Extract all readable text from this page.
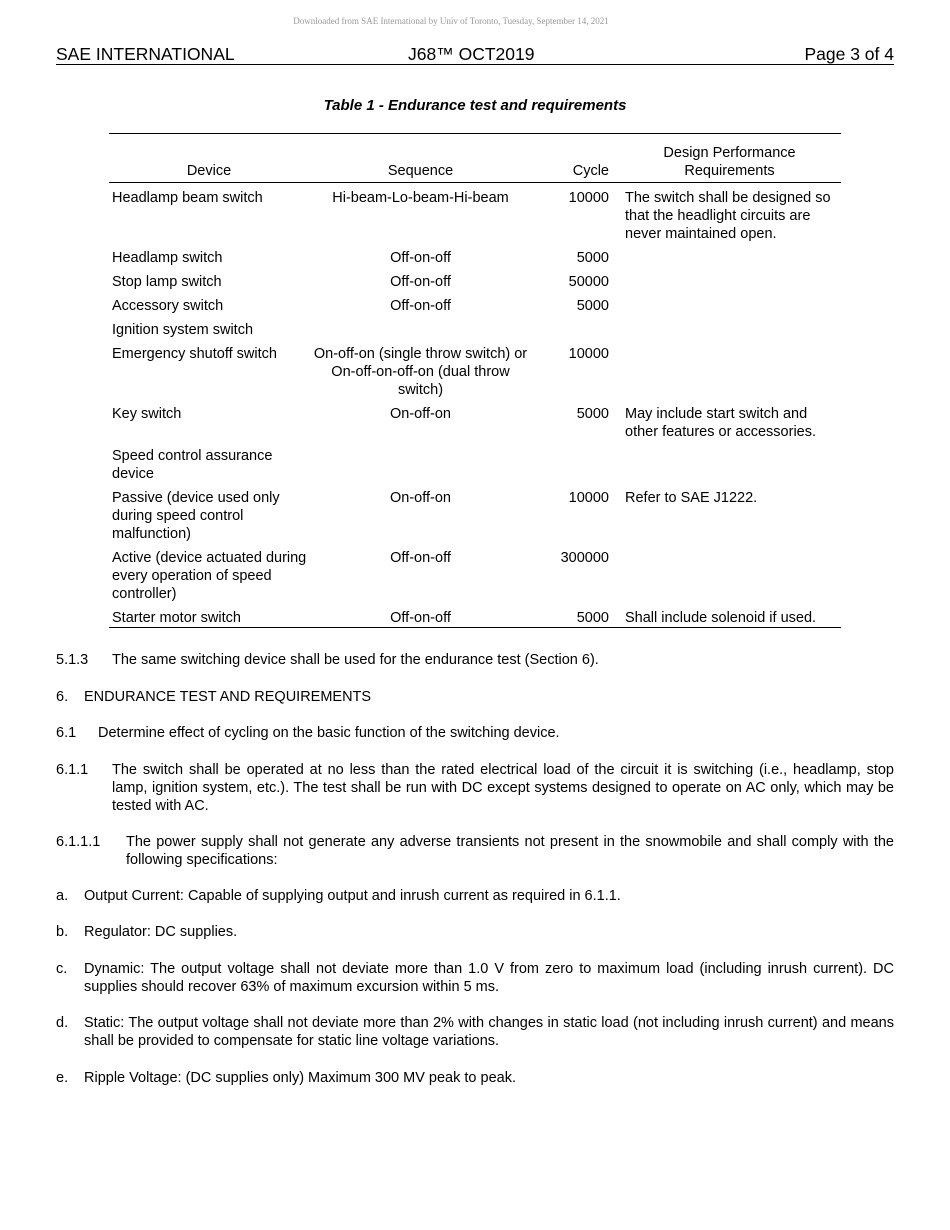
Downloaded from SAE International by Univ of Toronto, Tuesday, September 14, 2021
SAE INTERNATIONAL	J68™ OCT2019	Page 3 of 4
Table 1 - Endurance test and requirements
Device	Sequence	Cycle	Design Performance Requirements
Headlamp beam switch	Hi-beam-Lo-beam-Hi-beam	10000	The switch shall be designed so that the headlight circuits are never maintained open.
Headlamp switch	Off-on-off	5000	
Stop lamp switch	Off-on-off	50000	
Accessory switch	Off-on-off	5000	
Ignition system switch			
Emergency shutoff switch	On-off-on (single throw switch) or On-off-on-off-on (dual throw switch)	10000	
Key switch	On-off-on	5000	May include start switch and other features or accessories.
Speed control assurance device			
Passive (device used only during speed control malfunction)	On-off-on	10000	Refer to SAE J1222.
Active (device actuated during every operation of speed controller)	Off-on-off	300000	
Starter motor switch	Off-on-off	5000	Shall include solenoid if used.
5.1.3 The same switching device shall be used for the endurance test (Section 6).
6. ENDURANCE TEST AND REQUIREMENTS
6.1 Determine effect of cycling on the basic function of the switching device.
6.1.1 The switch shall be operated at no less than the rated electrical load of the circuit it is switching (i.e., headlamp, stop lamp, ignition system, etc.). The test shall be run with DC except systems designed to operate on AC only, which may be tested with AC.
6.1.1.1 The power supply shall not generate any adverse transients not present in the snowmobile and shall comply with the following specifications:
a. Output Current: Capable of supplying output and inrush current as required in 6.1.1.
b. Regulator: DC supplies.
c. Dynamic: The output voltage shall not deviate more than 1.0 V from zero to maximum load (including inrush current). DC supplies should recover 63% of maximum excursion within 5 ms.
d. Static: The output voltage shall not deviate more than 2% with changes in static load (not including inrush current) and means shall be provided to compensate for static line voltage variations.
e. Ripple Voltage: (DC supplies only) Maximum 300 MV peak to peak.
